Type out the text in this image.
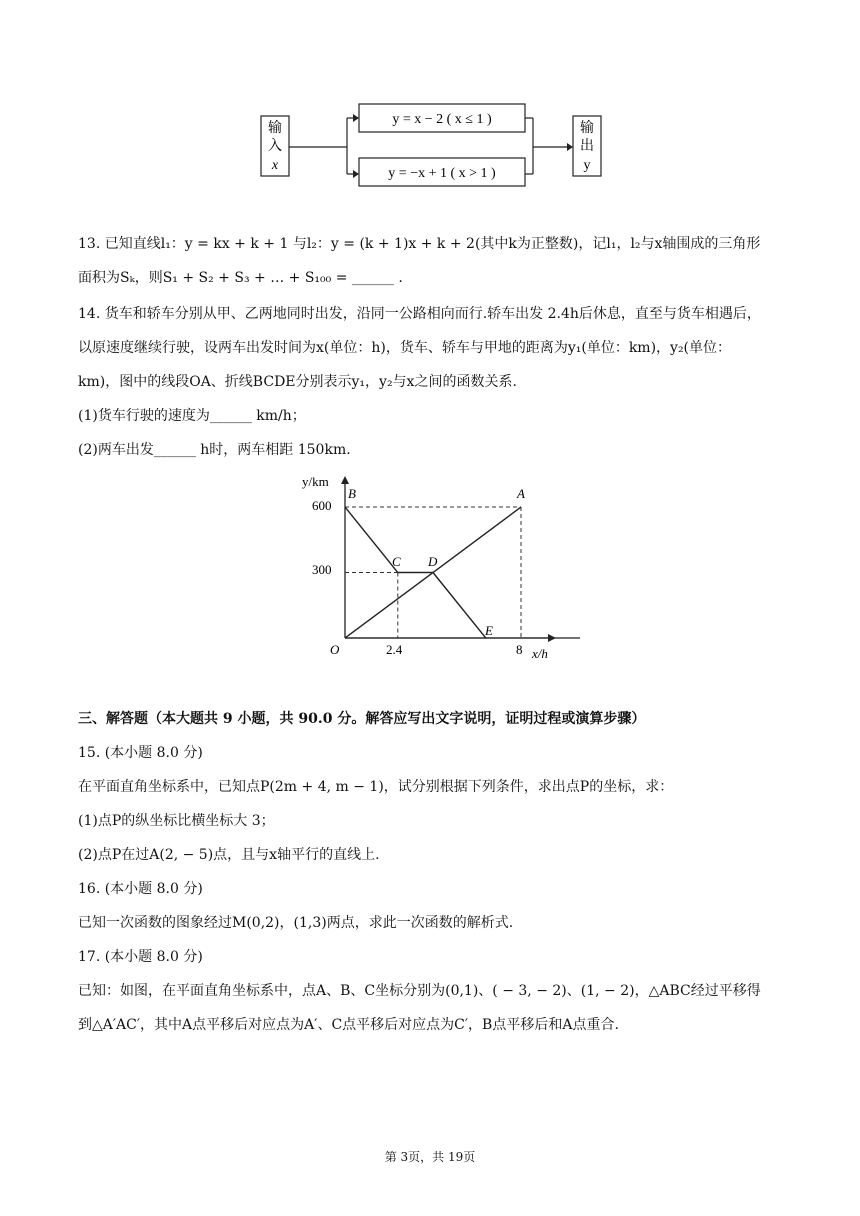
输
入
x
y = x − 2 ( x ≤ 1 )
y = −x + 1 ( x > 1 )
输
出
y
13. 已知直线l₁：y = kx + k + 1 与l₂：y = (k + 1)x + k + 2(其中k为正整数)，记l₁，l₂与x轴围成的三角形
面积为Sₖ，则S₁ + S₂ + S₃ + … + S₁₀₀ = ______ .
14. 货车和轿车分别从甲、乙两地同时出发，沿同一公路相向而行.轿车出发 2.4h后休息，直至与货车相遇后，
以原速度继续行驶，设两车出发时间为x(单位：h)，货车、轿车与甲地的距离为y₁(单位：km)，y₂(单位：
km)，图中的线段OA、折线BCDE分别表示y₁，y₂与x之间的函数关系.
(1)货车行驶的速度为______ km/h；
(2)两车出发______ h时，两车相距 150km.
y/km
x/h
O
600
300
2.4	8
B
C D
A
E
三、解答题（本大题共 9 小题，共 90.0 分。解答应写出文字说明，证明过程或演算步骤）
15. (本小题 8.0 分)
在平面直角坐标系中，已知点P(2m + 4, m − 1)，试分别根据下列条件，求出点P的坐标，求：
(1)点P的纵坐标比横坐标大 3；
(2)点P在过A(2, − 5)点，且与x轴平行的直线上.
16. (本小题 8.0 分)
已知一次函数的图象经过M(0,2)，(1,3)两点，求此一次函数的解析式.
17. (本小题 8.0 分)
已知：如图，在平面直角坐标系中，点A、B、C坐标分别为(0,1)、( − 3, − 2)、(1, − 2)，△ABC经过平移得
到△A′AC′，其中A点平移后对应点为A′、C点平移后对应点为C′，B点平移后和A点重合.
第 3页，共 19页
